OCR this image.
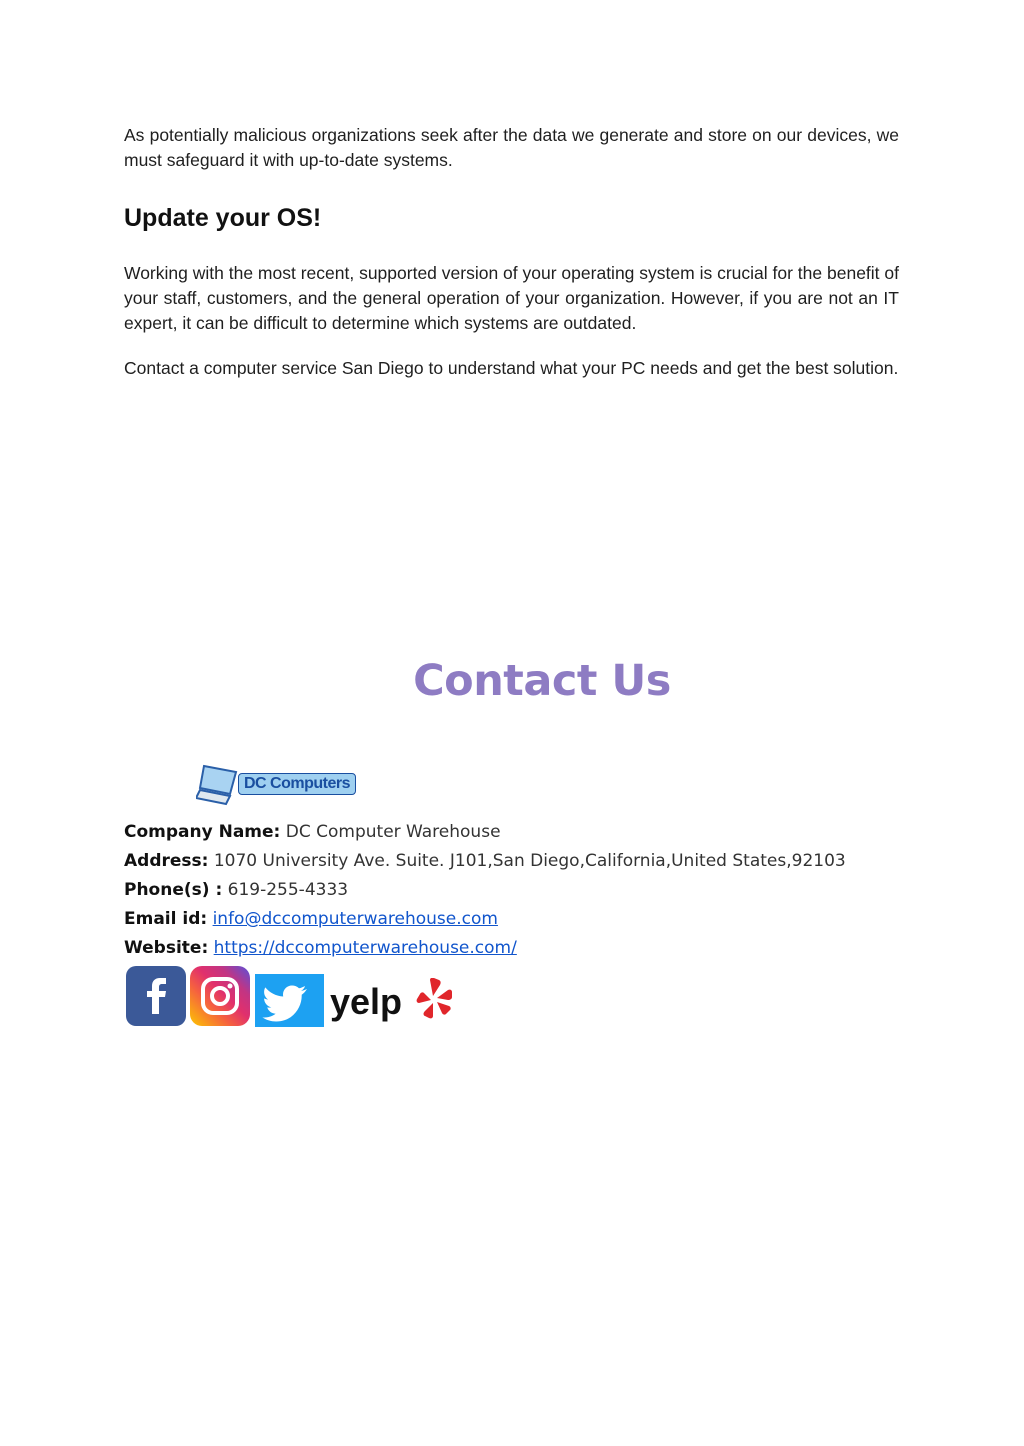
As potentially malicious organizations seek after the data we generate and store on our devices, we must safeguard it with up-to-date systems.

Update your OS!

Working with the most recent, supported version of your operating system is crucial for the benefit of your staff, customers, and the general operation of your organization. However, if you are not an IT expert, it can be difficult to determine which systems are outdated.

Contact a computer service San Diego to understand what your PC needs and get the best solution.

Contact Us
DC Computers
Company Name: DC Computer Warehouse
Address: 1070 University Ave. Suite. J101,San Diego,California,United States,92103
Phone(s) : 619-255-4333
Email id: info@dccomputerwarehouse.com
Website: https://dccomputerwarehouse.com/
yelp
